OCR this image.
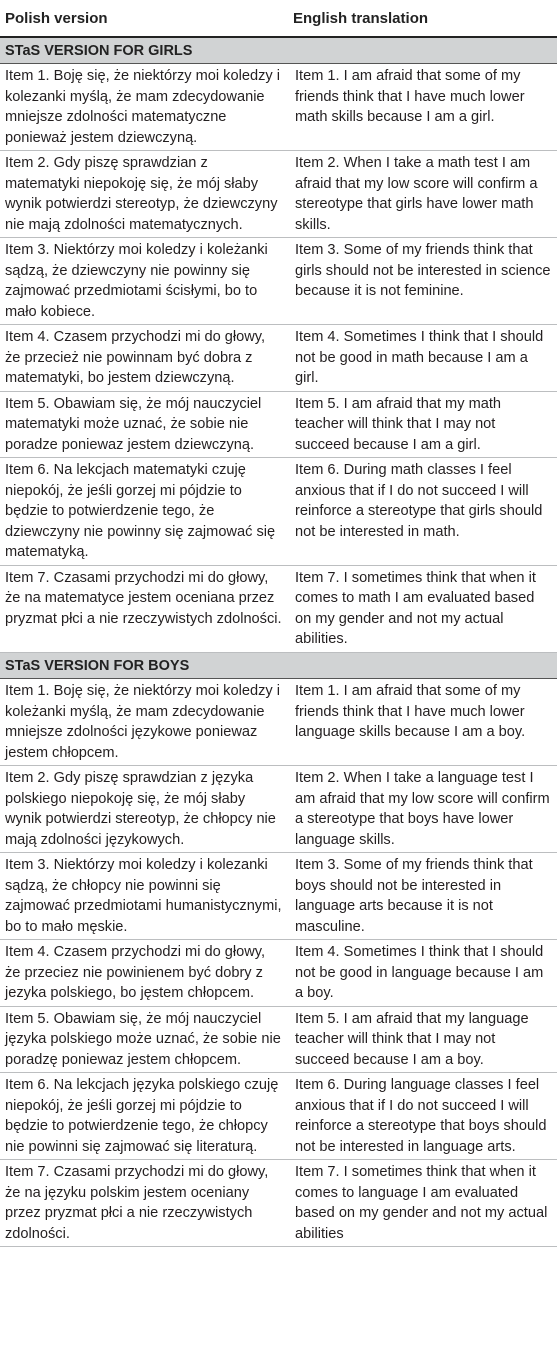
Polish version	English translation
STaS VERSION FOR GIRLS	
Item 1. Boję się, że niektórzy moi koledzy i kolezanki myślą, że mam zdecydowanie mniejsze zdolności matematyczne ponieważ jestem dziewczyną.	Item 1. I am afraid that some of my friends think that I have much lower math skills because I am a girl.
Item 2. Gdy piszę sprawdzian z matematyki niepokoję się, że mój słaby wynik potwierdzi stereotyp, że dziewczyny nie mają zdolności matematycznych.	Item 2. When I take a math test I am afraid that my low score will confirm a stereotype that girls have lower math skills.
Item 3. Niektórzy moi koledzy i koleżanki sądzą, że dziewczyny nie powinny się zajmować przedmiotami ścisłymi, bo to mało kobiece.	Item 3. Some of my friends think that girls should not be interested in science because it is not feminine.
Item 4. Czasem przychodzi mi do głowy, że przecież nie powinnam być dobra z matematyki, bo jestem dziewczyną.	Item 4. Sometimes I think that I should not be good in math because I am a girl.
Item 5. Obawiam się, że mój nauczyciel matematyki może uznać, że sobie nie poradze poniewaz jestem dziewczyną.	Item 5. I am afraid that my math teacher will think that I may not succeed because I am a girl.
Item 6. Na lekcjach matematyki czuję niepokój, że jeśli gorzej mi pójdzie to będzie to potwierdzenie tego, że dziewczyny nie powinny się zajmować się matematyką.	Item 6. During math classes I feel anxious that if I do not succeed I will reinforce a stereotype that girls should not be interested in math.
Item 7. Czasami przychodzi mi do głowy, że na matematyce jestem oceniana przez pryzmat płci a nie rzeczywistych zdolności.	Item 7. I sometimes think that when it comes to math I am evaluated based on my gender and not my actual abilities.
STaS VERSION FOR BOYS	
Item 1. Boję się, że niektórzy moi koledzy i koleżanki myślą, że mam zdecydowanie mniejsze zdolności językowe poniewaz jestem chłopcem.	Item 1. I am afraid that some of my friends think that I have much lower language skills because I am a boy.
Item 2. Gdy piszę sprawdzian z języka polskiego niepokoję się, że mój słaby wynik potwierdzi stereotyp, że chłopcy nie mają zdolności językowych.	Item 2. When I take a language test I am afraid that my low score will confirm a stereotype that boys have lower language skills.
Item 3. Niektórzy moi koledzy i kolezanki sądzą, że chłopcy nie powinni się zajmować przedmiotami humanistycznymi, bo to mało męskie.	Item 3. Some of my friends think that boys should not be interested in language arts because it is not masculine.
Item 4. Czasem przychodzi mi do głowy, że przeciez nie powinienem być dobry z jezyka polskiego, bo jęstem chłopcem.	Item 4. Sometimes I think that I should not be good in language because I am a boy.
Item 5. Obawiam się, że mój nauczyciel języka polskiego może uznać, że sobie nie poradzę poniewaz jestem chłopcem.	Item 5. I am afraid that my language teacher will think that I may not succeed because I am a boy.
Item 6. Na lekcjach języka polskiego czuję niepokój, że jeśli gorzej mi pójdzie to będzie to potwierdzenie tego, że chłopcy nie powinni się zajmować się literaturą.	Item 6. During language classes I feel anxious that if I do not succeed I will reinforce a stereotype that boys should not be interested in language arts.
Item 7. Czasami przychodzi mi do głowy, że na języku polskim jestem oceniany przez pryzmat płci a nie rzeczywistych zdolności.	Item 7. I sometimes think that when it comes to language I am evaluated based on my gender and not my actual abilities
